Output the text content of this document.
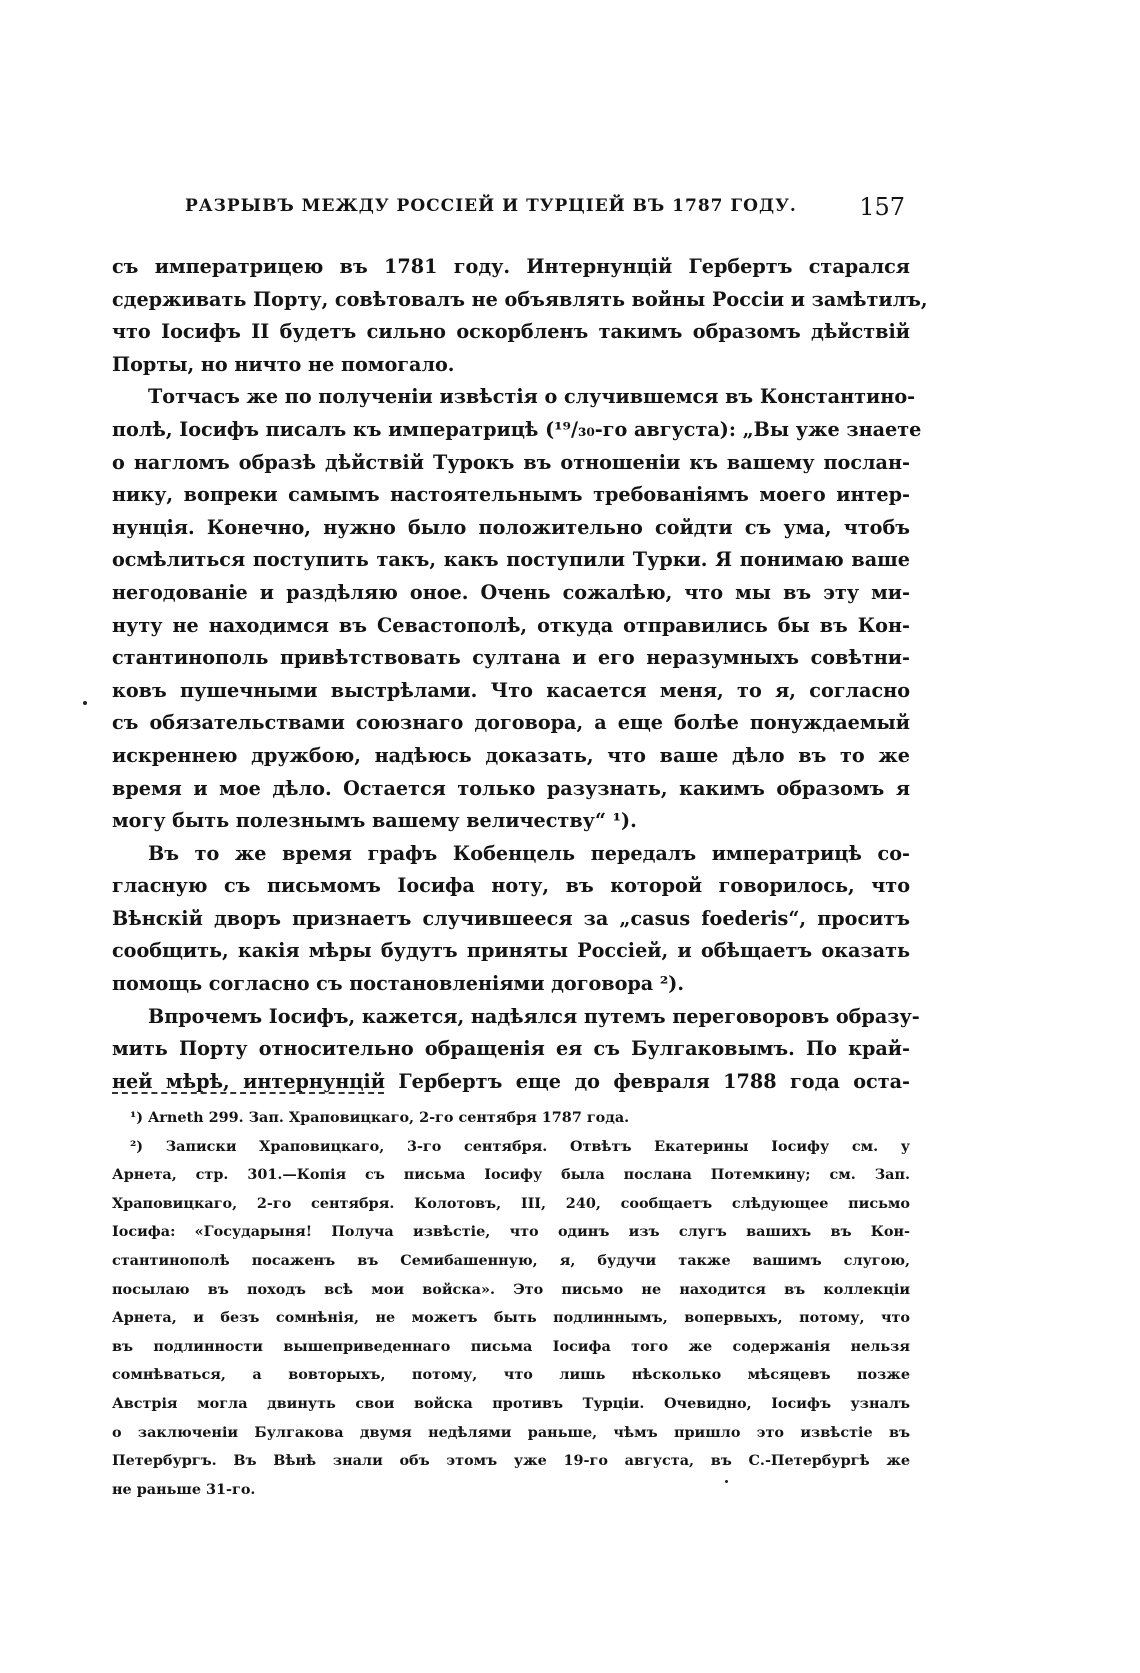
РАЗРЫВЪ МЕЖДУ РОССІЕЙ И ТУРЦІЕЙ ВЪ 1787 ГОДУ.	157
съ императрицею въ 1781 году. Интернунцій Гербертъ старался
сдерживать Порту, совѣтовалъ не объявлять войны Россіи и замѣтилъ,
что Іосифъ II будетъ сильно оскорбленъ такимъ образомъ дѣйствій
Порты, но ничто не помогало.
Тотчасъ же по полученіи извѣстія о случившемся въ Константино-
полѣ, Іосифъ писалъ къ императрицѣ (¹⁹/₃₀-го августа): „Вы уже знаете
о нагломъ образѣ дѣйствій Турокъ въ отношеніи къ вашему послан-
нику, вопреки самымъ настоятельнымъ требованіямъ моего интер-
нунція. Конечно, нужно было положительно сойдти съ ума, чтобъ
осмѣлиться поступить такъ, какъ поступили Турки. Я понимаю ваше
негодованіе и раздѣляю оное. Очень сожалѣю, что мы въ эту ми-
нуту не находимся въ Севастополѣ, откуда отправились бы въ Кон-
стантинополь привѣтствовать султана и его неразумныхъ совѣтни-
ковъ пушечными выстрѣлами. Что касается меня, то я, согласно
съ обязательствами союзнаго договора, а еще болѣе понуждаемый
искреннею дружбою, надѣюсь доказать, что ваше дѣло въ то же
время и мое дѣло. Остается только разузнать, какимъ образомъ я
могу быть полезнымъ вашему величеству“ ¹).
Въ то же время графъ Кобенцель передалъ императрицѣ со-
гласную съ письмомъ Іосифа ноту, въ которой говорилось, что
Вѣнскій дворъ признаетъ случившееся за „casus foederis“, проситъ
сообщить, какія мѣры будутъ приняты Россіей, и обѣщаетъ оказать
помощь согласно съ постановленіями договора ²).
Впрочемъ Іосифъ, кажется, надѣялся путемъ переговоровъ образу-
мить Порту относительно обращенія ея съ Булгаковымъ. По край-
ней мѣрѣ, интернунцій Гербертъ еще до февраля 1788 года оста-
¹) Arneth 299. Зап. Храповицкаго, 2-го сентября 1787 года.
²) Записки Храповицкаго, 3-го сентября. Отвѣтъ Екатерины Іосифу см. у
Арнета, стр. 301.—Копія съ письма Іосифу была послана Потемкину; см. Зап.
Храповицкаго, 2-го сентября. Колотовъ, III, 240, сообщаетъ слѣдующее письмо
Іосифа: «Государыня! Получа извѣстіе, что одинъ изъ слугъ вашихъ въ Кон-
стантинополѣ посаженъ въ Семибашенную, я, будучи также вашимъ слугою,
посылаю въ походъ всѣ мои войска». Это письмо не находится въ коллекціи
Арнета, и безъ сомнѣнія, не можетъ быть подлиннымъ, вопервыхъ, потому, что
въ подлинности вышеприведеннаго письма Іосифа того же содержанія нельзя
сомнѣваться, а вовторыхъ, потому, что лишь нѣсколько мѣсяцевъ позже
Австрія могла двинуть свои войска противъ Турціи. Очевидно, Іосифъ узналъ
о заключеніи Булгакова двумя недѣлями раньше, чѣмъ пришло это извѣстіе въ
Петербургъ. Въ Вѣнѣ знали объ этомъ уже 19-го августа, въ С.-Петербургѣ же
не раньше 31-го.
